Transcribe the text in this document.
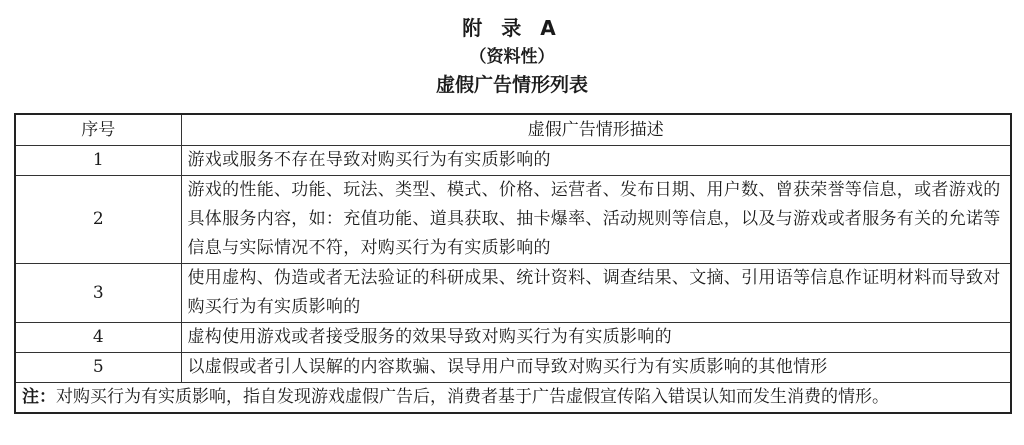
附 录 A
（资料性）
虚假广告情形列表
序号	虚假广告情形描述
1	游戏或服务不存在导致对购买行为有实质影响的
2	游戏的性能、功能、玩法、类型、模式、价格、运营者、发布日期、用户数、曾获荣誉等信息，或者游戏的具体服务内容，如：充值功能、道具获取、抽卡爆率、活动规则等信息，以及与游戏或者服务有关的允诺等信息与实际情况不符，对购买行为有实质影响的
3	使用虚构、伪造或者无法验证的科研成果、统计资料、调查结果、文摘、引用语等信息作证明材料而导致对购买行为有实质影响的
4	虚构使用游戏或者接受服务的效果导致对购买行为有实质影响的
5	以虚假或者引人误解的内容欺骗、误导用户而导致对购买行为有实质影响的其他情形
注：对购买行为有实质影响，指自发现游戏虚假广告后，消费者基于广告虚假宣传陷入错误认知而发生消费的情形。	
